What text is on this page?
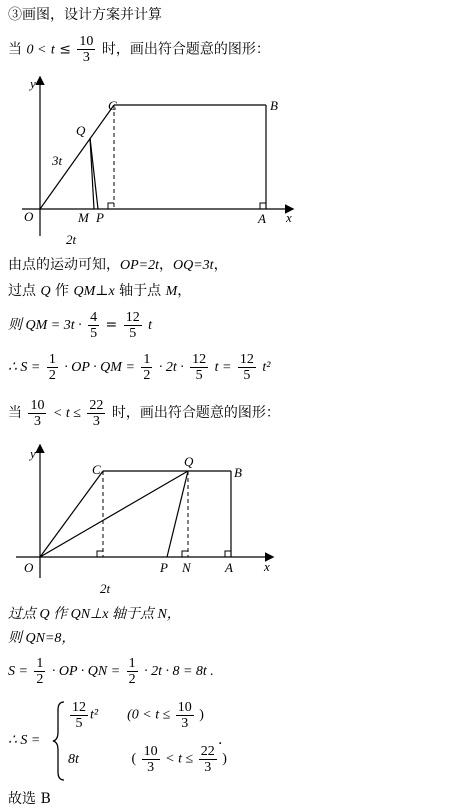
③画图，设计方案并计算
当 $0 < t \le \frac{10}{3}$ 时，画出符合题意的图形：
y
x
O
C	B
Q
3t
M P	A
2t
由点的运动可知，OP=2t，OQ=3t，
过点 Q 作 QM⊥x 轴于点 M，
则 QM = $3t \cdot \frac{4}{5} = \frac{12}{5}$ t
∴ $S = \frac{1}{2}$ · OP · QM = $\frac{1}{2} \cdot 2t \cdot \frac{12}{5}$ $t = \frac{12}{5} t^2$
当 $\frac{10}{3} < t \le \frac{22}{3}$ 时，画出符合题意的图形：
y
x
O
C	B
Q
P N	A
2t
过点 Q 作 QN⊥x 轴于点 N，
则 QN=8，
$S = \frac{1}{2}$ · OP · QN = $\frac{1}{2} \cdot 2t \cdot 8 = 8t$ .
∴ S =
$\frac{12}{5} t^2$ ($0 < t \le \frac{10}{3}$ )
8t	( $\frac{10}{3} < t \le \frac{22}{3}$ )
.
故选 B
